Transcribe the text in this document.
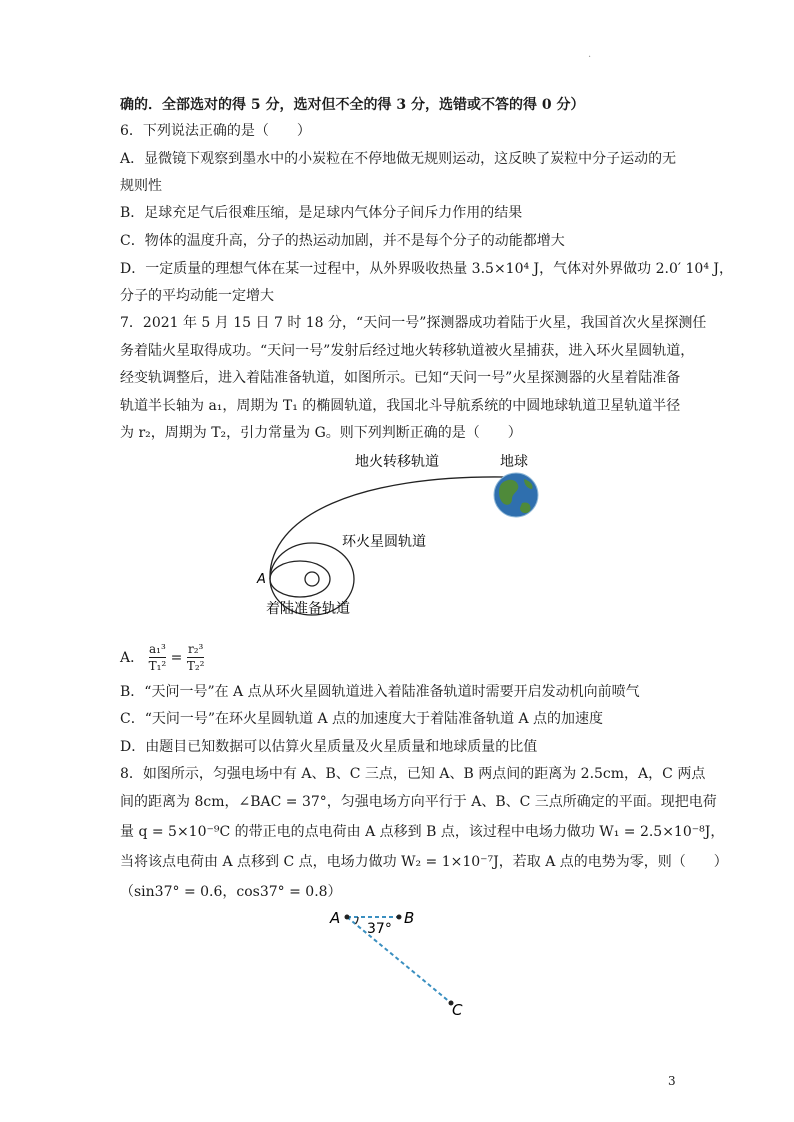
·
确的．全部选对的得 5 分，选对但不全的得 3 分，选错或不答的得 0 分）
6．下列说法正确的是（　　）
A．显微镜下观察到墨水中的小炭粒在不停地做无规则运动，这反映了炭粒中分子运动的无
规则性
B．足球充足气后很难压缩，是足球内气体分子间斥力作用的结果
C．物体的温度升高，分子的热运动加剧，并不是每个分子的动能都增大
D．一定质量的理想气体在某一过程中，从外界吸收热量 3.5×10⁴ J，气体对外界做功 2.0′ 10⁴ J，
分子的平均动能一定增大
7．2021 年 5 月 15 日 7 时 18 分，“天问一号”探测器成功着陆于火星，我国首次火星探测任
务着陆火星取得成功。“天问一号”发射后经过地火转移轨道被火星捕获，进入环火星圆轨道，
经变轨调整后，进入着陆准备轨道，如图所示。已知“天问一号”火星探测器的火星着陆准备
轨道半长轴为 a₁，周期为 T₁ 的椭圆轨道，我国北斗导航系统的中圆地球轨道卫星轨道半径
为 r₂，周期为 T₂，引力常量为 G。则下列判断正确的是（　　）
地火转移轨道	地球
环火星圆轨道
着陆准备轨道
A
A． $\frac{\text{a₁³}}{\text{T₁²}} = \frac{\text{r₂³}}{\text{T₂²}}$
B．“天问一号”在 A 点从环火星圆轨道进入着陆准备轨道时需要开启发动机向前喷气
C．“天问一号”在环火星圆轨道 A 点的加速度大于着陆准备轨道 A 点的加速度
D．由题目已知数据可以估算火星质量及火星质量和地球质量的比值
8．如图所示，匀强电场中有 A、B、C 三点，已知 A、B 两点间的距离为 2.5cm，A，C 两点
间的距离为 8cm，∠BAC = 37°，匀强电场方向平行于 A、B、C 三点所确定的平面。现把电荷
量 q = 5×10⁻⁹C 的带正电的点电荷由 A 点移到 B 点，该过程中电场力做功 W₁ = 2.5×10⁻⁸J，
当将该点电荷由 A 点移到 C 点，电场力做功 W₂ = 1×10⁻⁷J，若取 A 点的电势为零，则（　　）
（sin37° = 0.6，cos37° = 0.8）
A	B
C
37°
3
